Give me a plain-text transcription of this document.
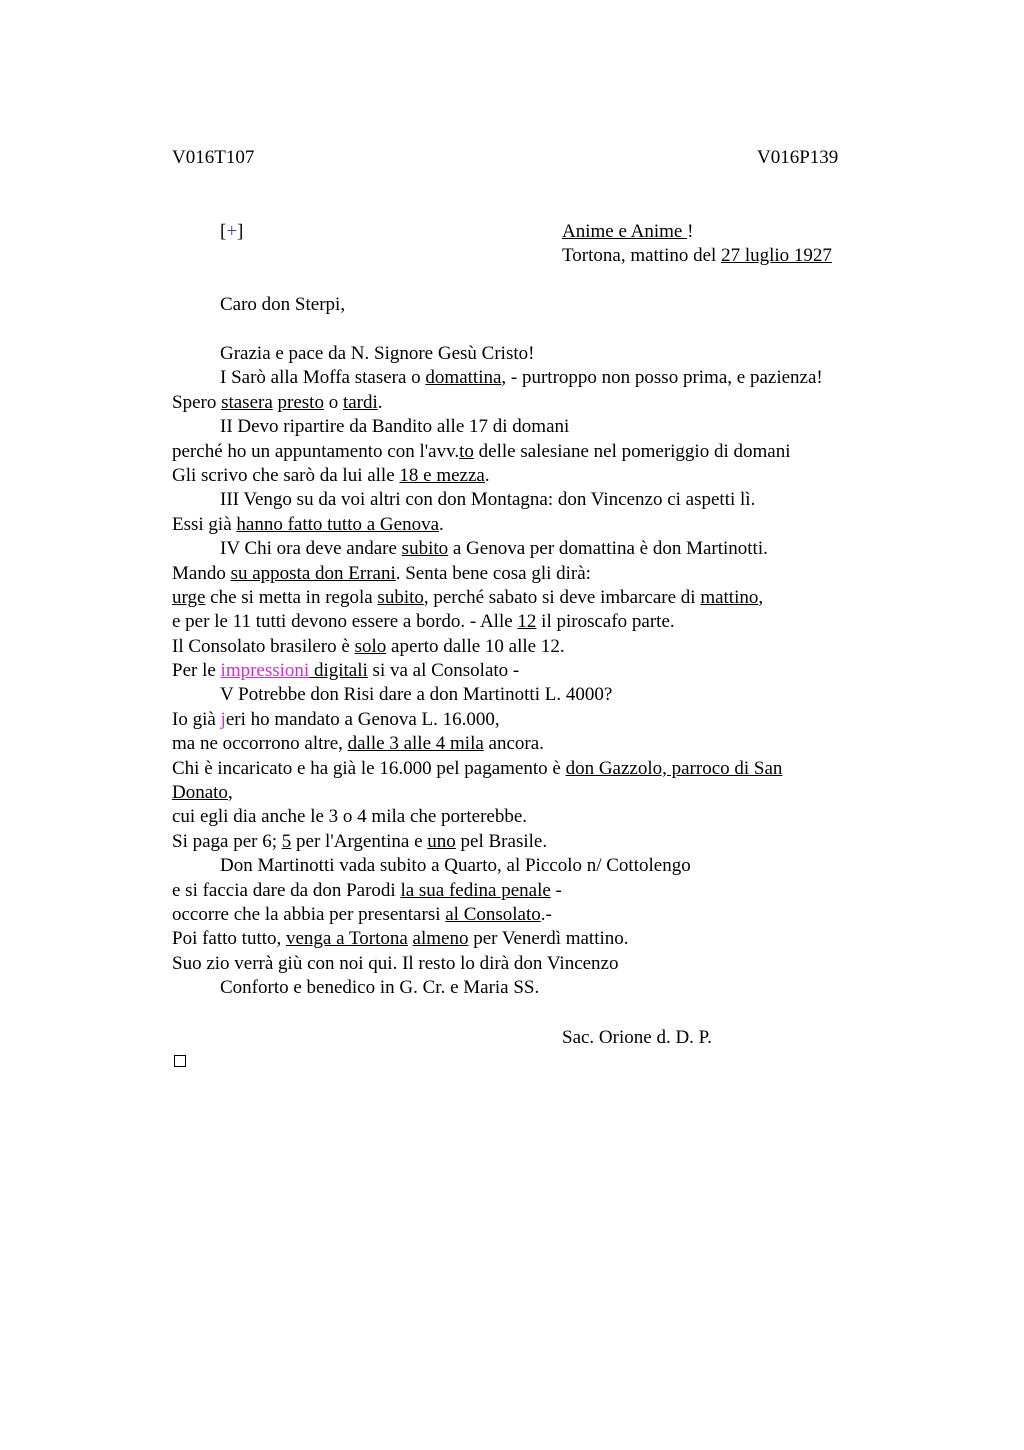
V016T107	V016P139
[+]	Anime e Anime !
Tortona, mattino del 27 luglio 1927
Caro don Sterpi,
Grazia e pace da N. Signore Gesù Cristo!
I Sarò alla Moffa stasera o domattina, - purtroppo non posso prima, e pazienza!
Spero stasera presto o tardi.
II Devo ripartire da Bandito alle 17 di domani
perché ho un appuntamento con l'avv.to delle salesiane nel pomeriggio di domani
Gli scrivo che sarò da lui alle 18 e mezza.
III Vengo su da voi altri con don Montagna: don Vincenzo ci aspetti lì.
Essi già hanno fatto tutto a Genova.
IV Chi ora deve andare subito a Genova per domattina è don Martinotti.
Mando su apposta don Errani. Senta bene cosa gli dirà:
urge che si metta in regola subito, perché sabato si deve imbarcare di mattino,
e per le 11 tutti devono essere a bordo. - Alle 12 il piroscafo parte.
Il Consolato brasilero è solo aperto dalle 10 alle 12.
Per le impressioni digitali si va al Consolato -
V Potrebbe don Risi dare a don Martinotti L. 4000?
Io già jeri ho mandato a Genova L. 16.000,
ma ne occorrono altre, dalle 3 alle 4 mila ancora.
Chi è incaricato e ha già le 16.000 pel pagamento è don Gazzolo, parroco di San
Donato,
cui egli dia anche le 3 o 4 mila che porterebbe.
Si paga per 6; 5 per l'Argentina e uno pel Brasile.
Don Martinotti vada subito a Quarto, al Piccolo n/ Cottolengo
e si faccia dare da don Parodi la sua fedina penale -
occorre che la abbia per presentarsi al Consolato.-
Poi fatto tutto, venga a Tortona almeno per Venerdì mattino.
Suo zio verrà giù con noi qui. Il resto lo dirà don Vincenzo
Conforto e benedico in G. Cr. e Maria SS.
Sac. Orione d. D. P.
